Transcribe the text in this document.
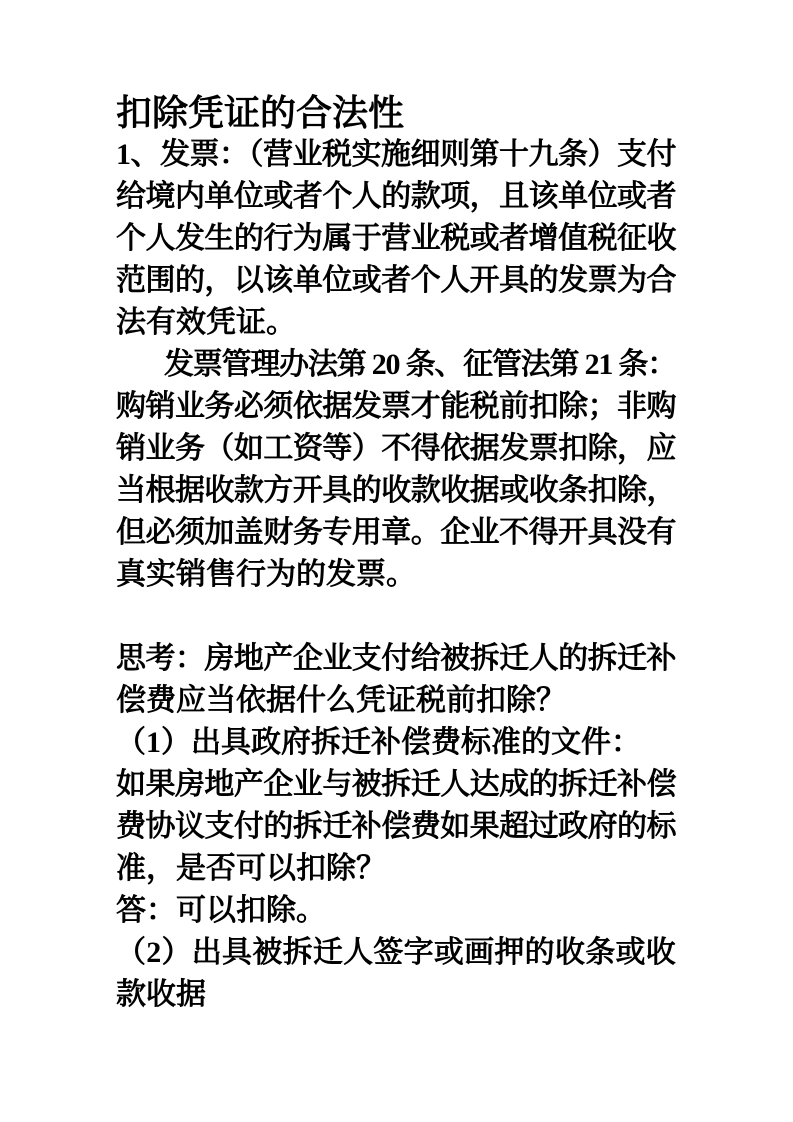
扣除凭证的合法性
1、发票：（营业税实施细则第十九条）支付
给境内单位或者个人的款项，且该单位或者
个人发生的行为属于营业税或者增值税征收
范围的，以该单位或者个人开具的发票为合
法有效凭证。
发票管理办法第 20 条、征管法第 21 条：
购销业务必须依据发票才能税前扣除；非购
销业务（如工资等）不得依据发票扣除，应
当根据收款方开具的收款收据或收条扣除，
但必须加盖财务专用章。企业不得开具没有
真实销售行为的发票。
思考：房地产企业支付给被拆迁人的拆迁补
偿费应当依据什么凭证税前扣除？
（1）出具政府拆迁补偿费标准的文件：
如果房地产企业与被拆迁人达成的拆迁补偿
费协议支付的拆迁补偿费如果超过政府的标
准，是否可以扣除？
答：可以扣除。
（2）出具被拆迁人签字或画押的收条或收
款收据
